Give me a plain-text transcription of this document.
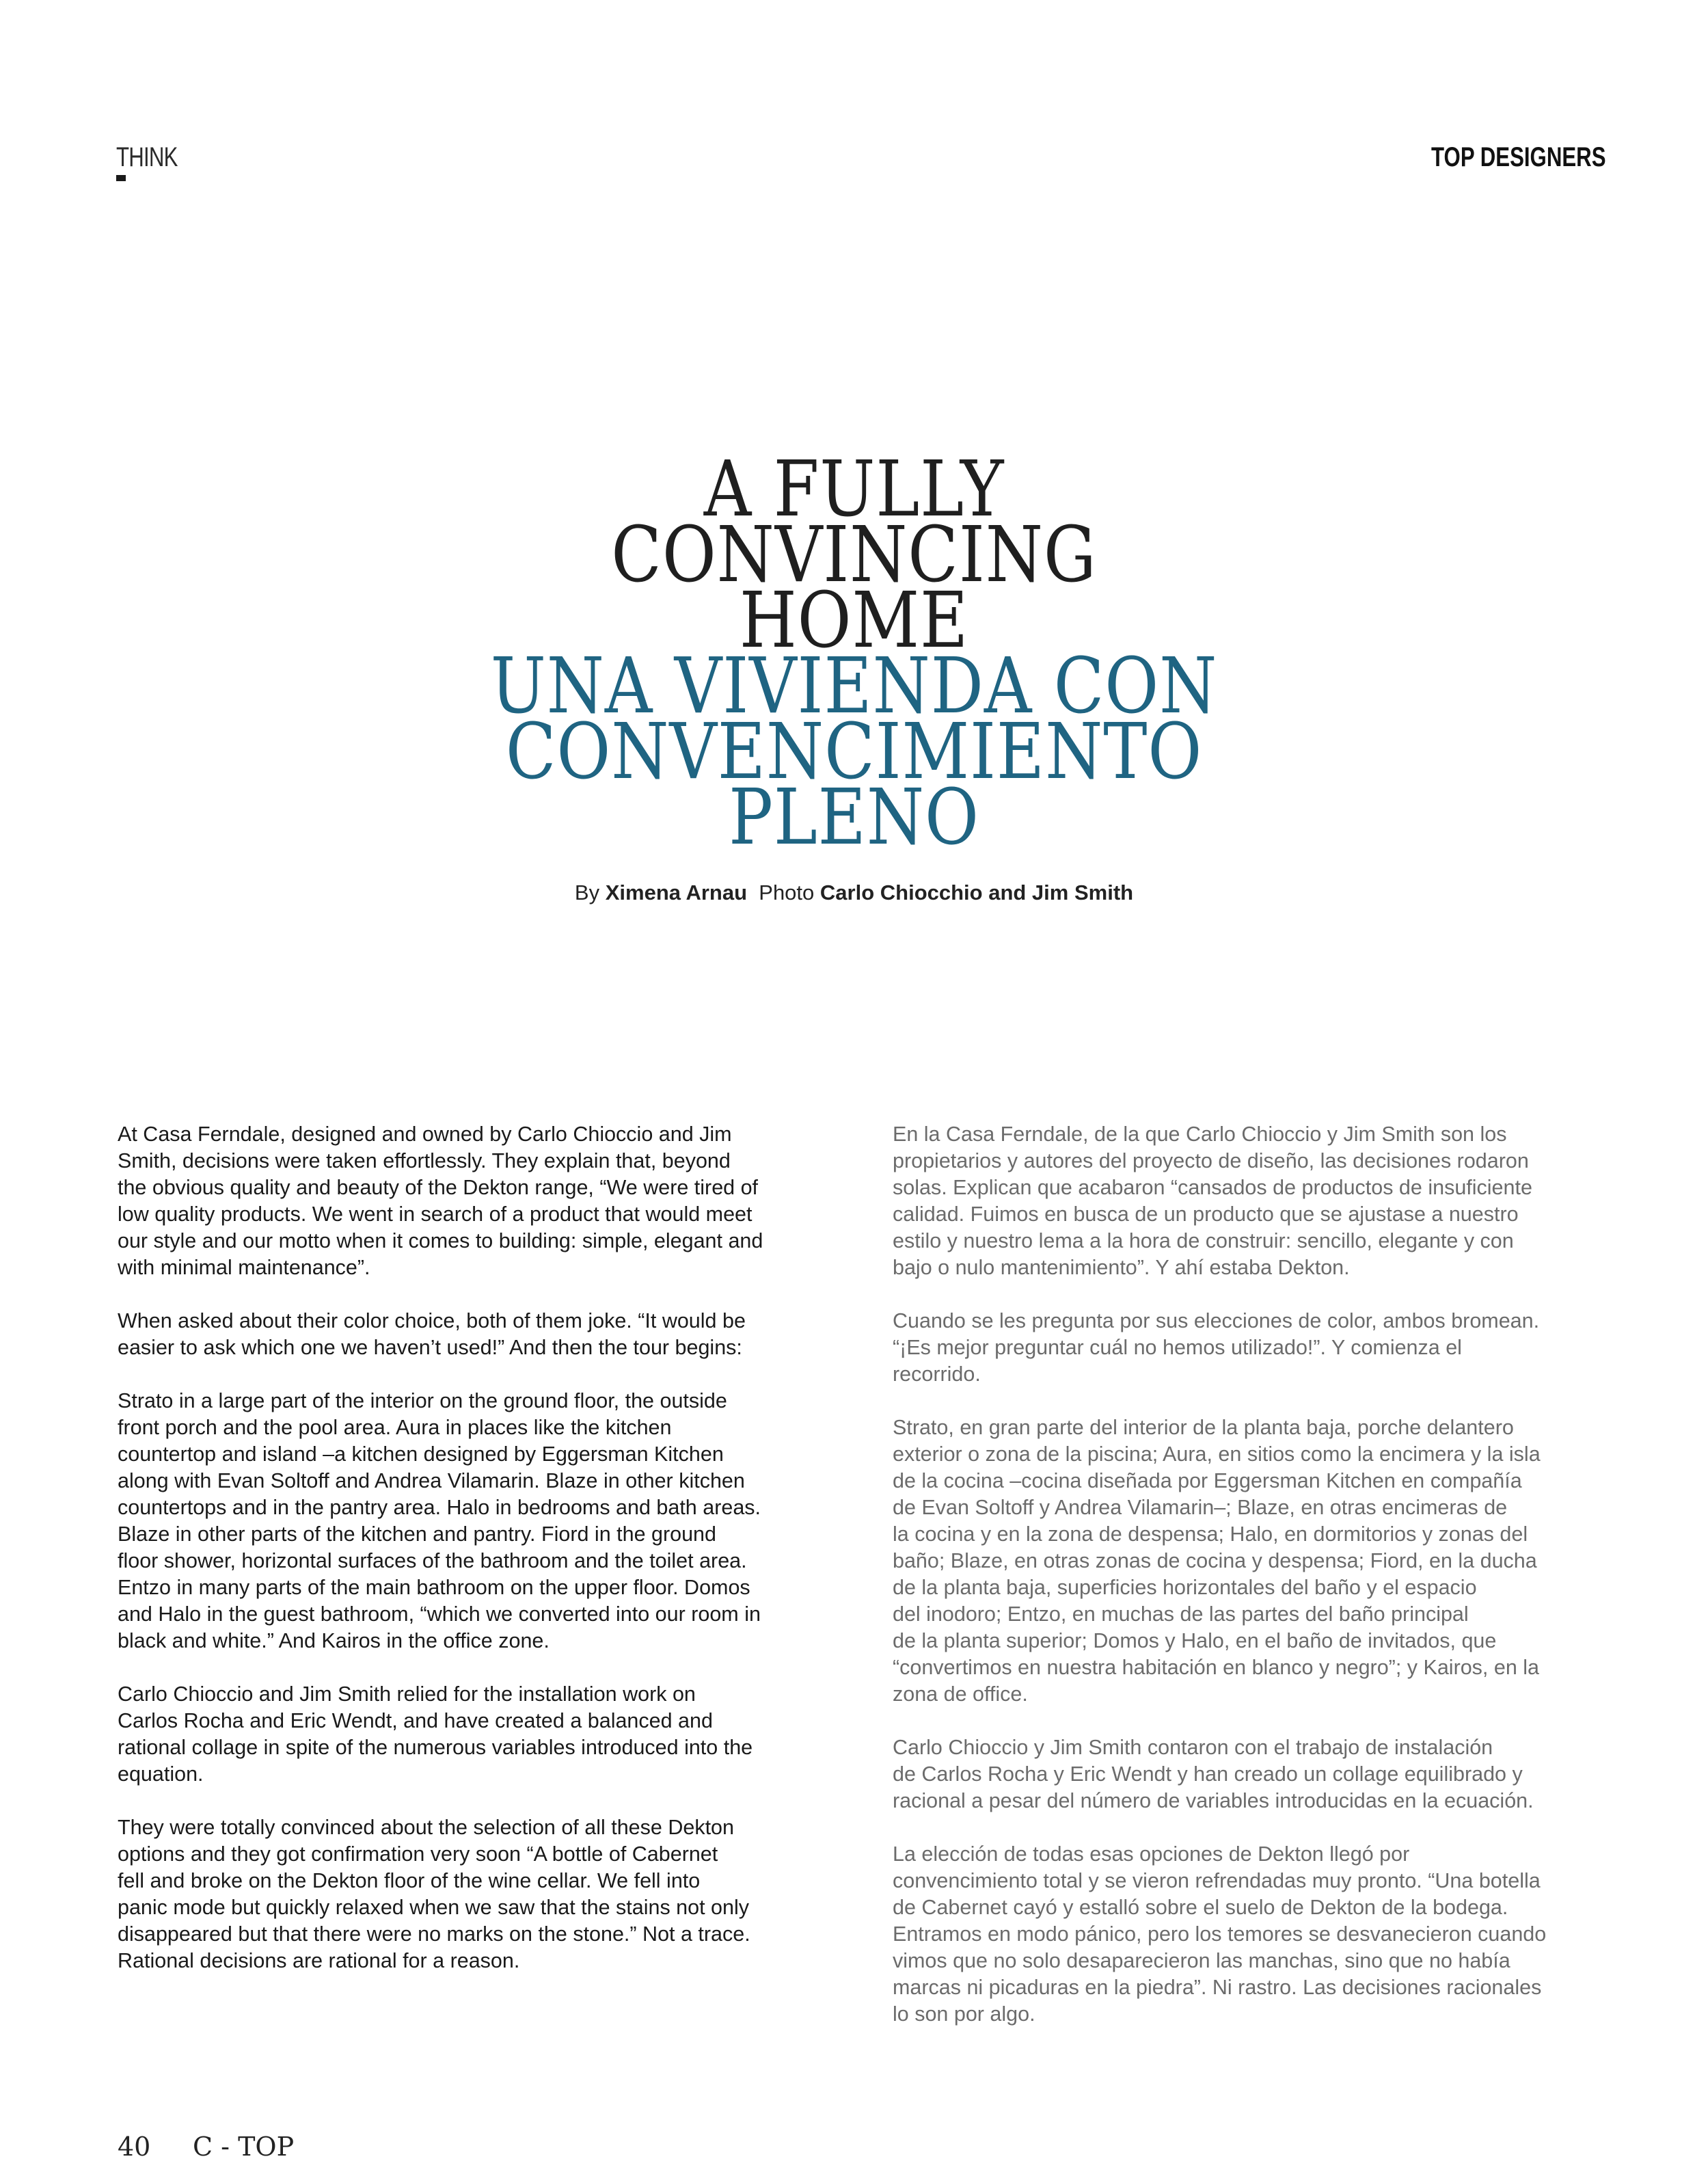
THINK	TOP DESIGNERS
A FULLY
CONVINCING
HOME
UNA VIVIENDA CON
CONVENCIMIENTO
PLENO
By Ximena Arnau Photo Carlo Chiocchio and Jim Smith

At Casa Ferndale, designed and owned by Carlo Chioccio and Jim
Smith, decisions were taken effortlessly. They explain that, beyond
the obvious quality and beauty of the Dekton range, “We were tired of
low quality products. We went in search of a product that would meet
our style and our motto when it comes to building: simple, elegant and
with minimal maintenance”.

When asked about their color choice, both of them joke. “It would be
easier to ask which one we haven’t used!” And then the tour begins:

Strato in a large part of the interior on the ground floor, the outside
front porch and the pool area. Aura in places like the kitchen
countertop and island –a kitchen designed by Eggersman Kitchen
along with Evan Soltoff and Andrea Vilamarin. Blaze in other kitchen
countertops and in the pantry area. Halo in bedrooms and bath areas.
Blaze in other parts of the kitchen and pantry. Fiord in the ground
floor shower, horizontal surfaces of the bathroom and the toilet area.
Entzo in many parts of the main bathroom on the upper floor. Domos
and Halo in the guest bathroom, “which we converted into our room in
black and white.” And Kairos in the office zone.

Carlo Chioccio and Jim Smith relied for the installation work on
Carlos Rocha and Eric Wendt, and have created a balanced and
rational collage in spite of the numerous variables introduced into the
equation.

They were totally convinced about the selection of all these Dekton
options and they got confirmation very soon “A bottle of Cabernet
fell and broke on the Dekton floor of the wine cellar. We fell into
panic mode but quickly relaxed when we saw that the stains not only
disappeared but that there were no marks on the stone.” Not a trace.
Rational decisions are rational for a reason.

En la Casa Ferndale, de la que Carlo Chioccio y Jim Smith son los
propietarios y autores del proyecto de diseño, las decisiones rodaron
solas. Explican que acabaron “cansados de productos de insuficiente
calidad. Fuimos en busca de un producto que se ajustase a nuestro
estilo y nuestro lema a la hora de construir: sencillo, elegante y con
bajo o nulo mantenimiento”. Y ahí estaba Dekton.

Cuando se les pregunta por sus elecciones de color, ambos bromean.
“¡Es mejor preguntar cuál no hemos utilizado!”. Y comienza el
recorrido.

Strato, en gran parte del interior de la planta baja, porche delantero
exterior o zona de la piscina; Aura, en sitios como la encimera y la isla
de la cocina –cocina diseñada por Eggersman Kitchen en compañía
de Evan Soltoff y Andrea Vilamarin–; Blaze, en otras encimeras de
la cocina y en la zona de despensa; Halo, en dormitorios y zonas del
baño; Blaze, en otras zonas de cocina y despensa; Fiord, en la ducha
de la planta baja, superficies horizontales del baño y el espacio
del inodoro; Entzo, en muchas de las partes del baño principal
de la planta superior; Domos y Halo, en el baño de invitados, que
“convertimos en nuestra habitación en blanco y negro”; y Kairos, en la
zona de office.

Carlo Chioccio y Jim Smith contaron con el trabajo de instalación
de Carlos Rocha y Eric Wendt y han creado un collage equilibrado y
racional a pesar del número de variables introducidas en la ecuación.

La elección de todas esas opciones de Dekton llegó por
convencimiento total y se vieron refrendadas muy pronto. “Una botella
de Cabernet cayó y estalló sobre el suelo de Dekton de la bodega.
Entramos en modo pánico, pero los temores se desvanecieron cuando
vimos que no solo desaparecieron las manchas, sino que no había
marcas ni picaduras en la piedra”. Ni rastro. Las decisiones racionales
lo son por algo.

40 C - TOP
